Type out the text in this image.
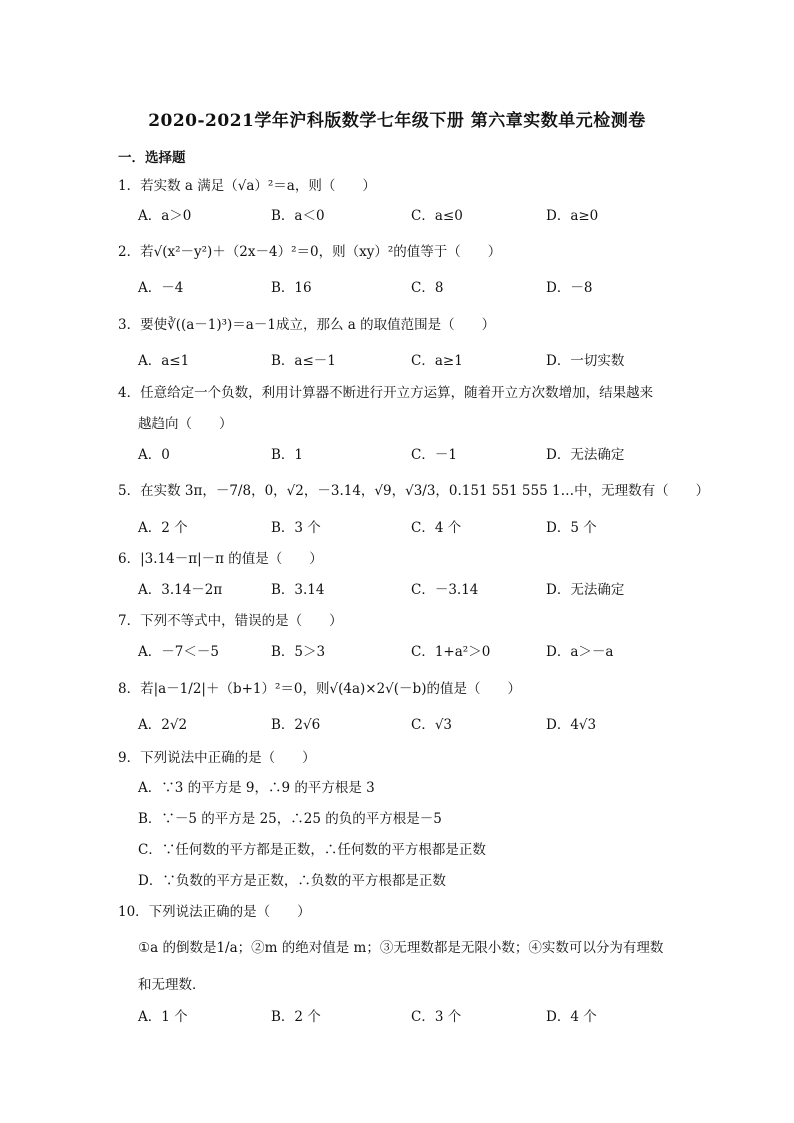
2020-2021学年沪科版数学七年级下册 第六章实数单元检测卷
一．选择题
1．若实数 a 满足（√a）²＝a，则（　　）
A．a＞0	B．a＜0	C．a≤0	D．a≥0
2．若√(x²－y²)＋（2x－4）²＝0，则（xy）²的值等于（　　）
A．－4	B．16	C．8	D．－8
3．要使∛((a－1)³)＝a－1成立，那么 a 的取值范围是（　　）
A．a≤1	B．a≤－1	C．a≥1	D．一切实数
4．任意给定一个负数，利用计算器不断进行开立方运算，随着开立方次数增加，结果越来
越趋向（　　）
A．0	B．1	C．－1	D．无法确定
5．在实数 3π，－7/8，0，√2，－3.14，√9，√3/3，0.151 551 555 1…中，无理数有（　　）
A．2 个	B．3 个	C．4 个	D．5 个
6．|3.14－π|－π 的值是（　　）
A．3.14－2π	B．3.14	C．－3.14	D．无法确定
7．下列不等式中，错误的是（　　）
A．－7＜－5	B．5＞3	C．1+a²＞0	D．a＞－a
8．若|a－1/2|＋（b+1）²＝0，则√(4a)×2√(－b)的值是（　　）
A．2√2	B．2√6	C．√3	D．4√3
9．下列说法中正确的是（　　）
A．∵3 的平方是 9，∴9 的平方根是 3
B．∵－5 的平方是 25，∴25 的负的平方根是－5
C．∵任何数的平方都是正数，∴任何数的平方根都是正数
D．∵负数的平方是正数，∴负数的平方根都是正数
10．下列说法正确的是（　　）
①a 的倒数是1/a；②m 的绝对值是 m；③无理数都是无限小数；④实数可以分为有理数
和无理数．
A．1 个	B．2 个	C．3 个	D．4 个
